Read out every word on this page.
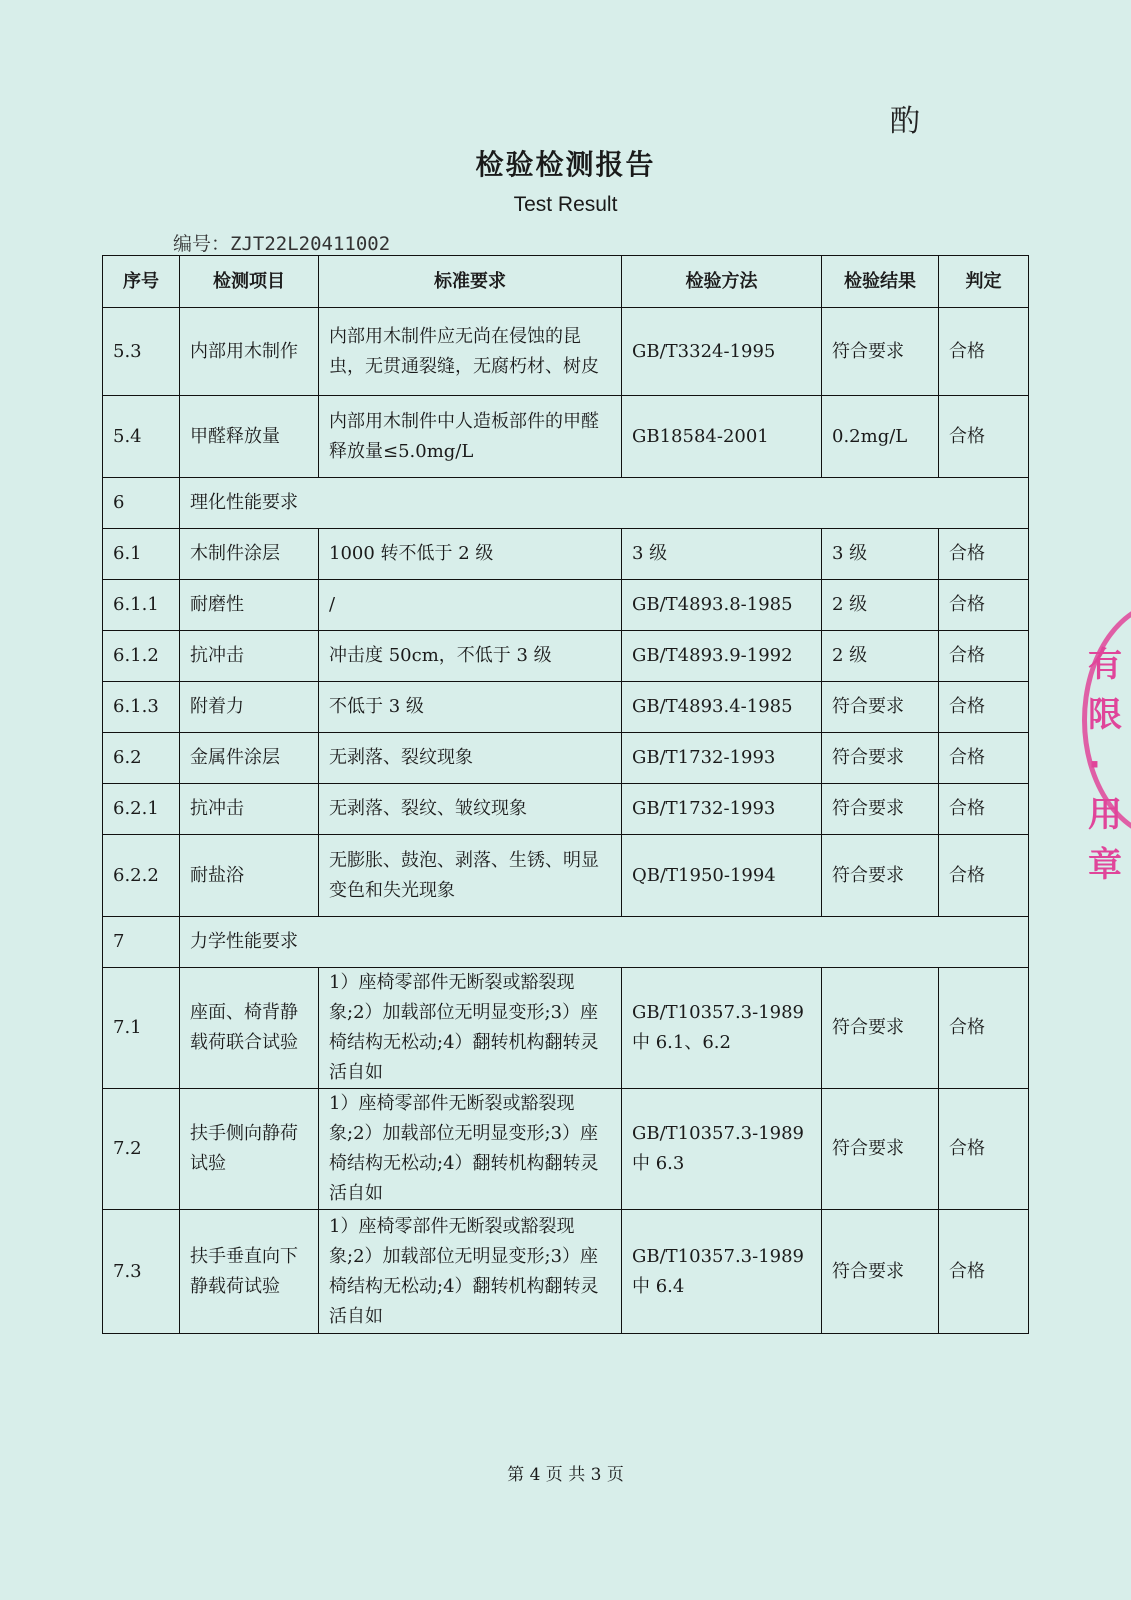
酌
检验检测报告
Test Result
编号：ZJT22L20411002
序号	检测项目	标准要求	检验方法	检验结果	判定
5.3	内部用木制作	内部用木制件应无尚在侵蚀的昆虫，无贯通裂缝，无腐朽材、树皮	GB/T3324-1995	符合要求	合格
5.4	甲醛释放量	内部用木制件中人造板部件的甲醛释放量≤5.0mg/L	GB18584-2001	0.2mg/L	合格
6	理化性能要求				
6.1	木制件涂层	1000 转不低于 2 级	3 级	3 级	合格
6.1.1	耐磨性	/	GB/T4893.8-1985	2 级	合格
6.1.2	抗冲击	冲击度 50cm，不低于 3 级	GB/T4893.9-1992	2 级	合格
6.1.3	附着力	不低于 3 级	GB/T4893.4-1985	符合要求	合格
6.2	金属件涂层	无剥落、裂纹现象	GB/T1732-1993	符合要求	合格
6.2.1	抗冲击	无剥落、裂纹、皱纹现象	GB/T1732-1993	符合要求	合格
6.2.2	耐盐浴	无膨胀、鼓泡、剥落、生锈、明显变色和失光现象	QB/T1950-1994	符合要求	合格
7	力学性能要求				
7.1	座面、椅背静载荷联合试验	1）座椅零部件无断裂或豁裂现象;2）加载部位无明显变形;3）座椅结构无松动;4）翻转机构翻转灵活自如	GB/T10357.3-1989 中 6.1、6.2	符合要求	合格
7.2	扶手侧向静荷试验	1）座椅零部件无断裂或豁裂现象;2）加载部位无明显变形;3）座椅结构无松动;4）翻转机构翻转灵活自如	GB/T10357.3-1989 中 6.3	符合要求	合格
7.3	扶手垂直向下静载荷试验	1）座椅零部件无断裂或豁裂现象;2）加载部位无明显变形;3）座椅结构无松动;4）翻转机构翻转灵活自如	GB/T10357.3-1989 中 6.4	符合要求	合格
第 4 页 共 3 页
有
限
·
用章
